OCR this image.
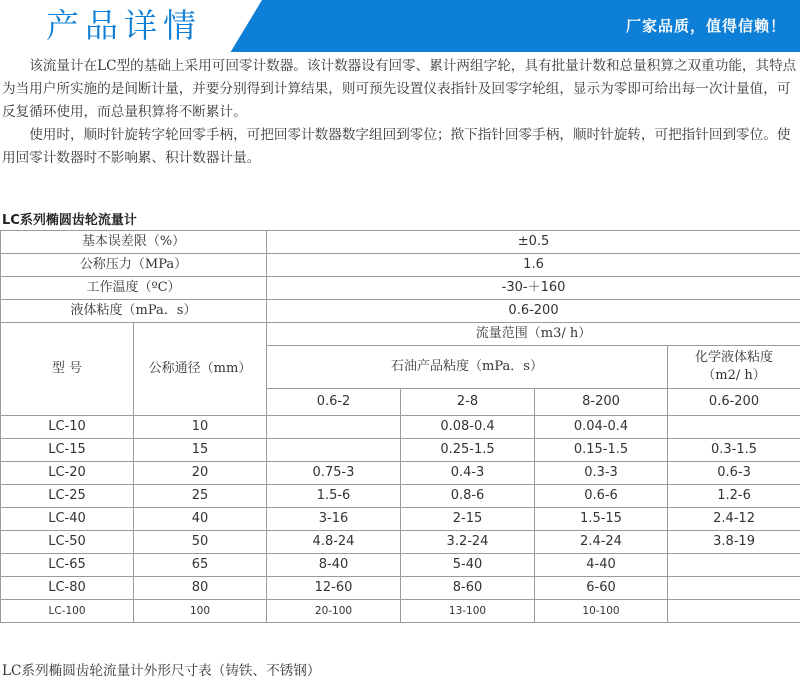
产品详情	厂家品质，值得信赖！

该流量计在LC型的基础上采用可回零计数器。该计数器设有回零、累计两组字轮，具有批量计数和总量积算之双重功能，其特点为当用户所实施的是间断计量，并要分别得到计算结果，则可预先设置仪表指针及回零字轮组，显示为零即可给出每一次计量值，可反复循环使用，而总量积算将不断累计。

使用时，顺时针旋转字轮回零手柄，可把回零计数器数字组回到零位；揿下指针回零手柄，顺时针旋转，可把指针回到零位。使用回零计数器时不影响累、积计数器计量。

LC系列椭圆齿轮流量计
基本误差限（%）		±0.5			
公称压力（MPa）		1.6			
工作温度（ºC）		-30-＋160			
液体粘度（mPa．s）		0.6-200			
型 号	公称通径（mm）	流量范围（m3/ h）			
		石油产品粘度（mPa．s）			化学液体粘度（m2/ h）
		0.6-2	2-8	8-200	0.6-200
LC-10	10		0.08-0.4	0.04-0.4	
LC-15	15		0.25-1.5	0.15-1.5	0.3-1.5
LC-20	20	0.75-3	0.4-3	0.3-3	0.6-3
LC-25	25	1.5-6	0.8-6	0.6-6	1.2-6
LC-40	40	3-16	2-15	1.5-15	2.4-12
LC-50	50	4.8-24	3.2-24	2.4-24	3.8-19
LC-65	65	8-40	5-40	4-40	
LC-80	80	12-60	8-60	6-60	
LC-100	100	20-100	13-100	10-100	
LC系列椭圆齿轮流量计外形尺寸表（铸铁、不锈钢）
